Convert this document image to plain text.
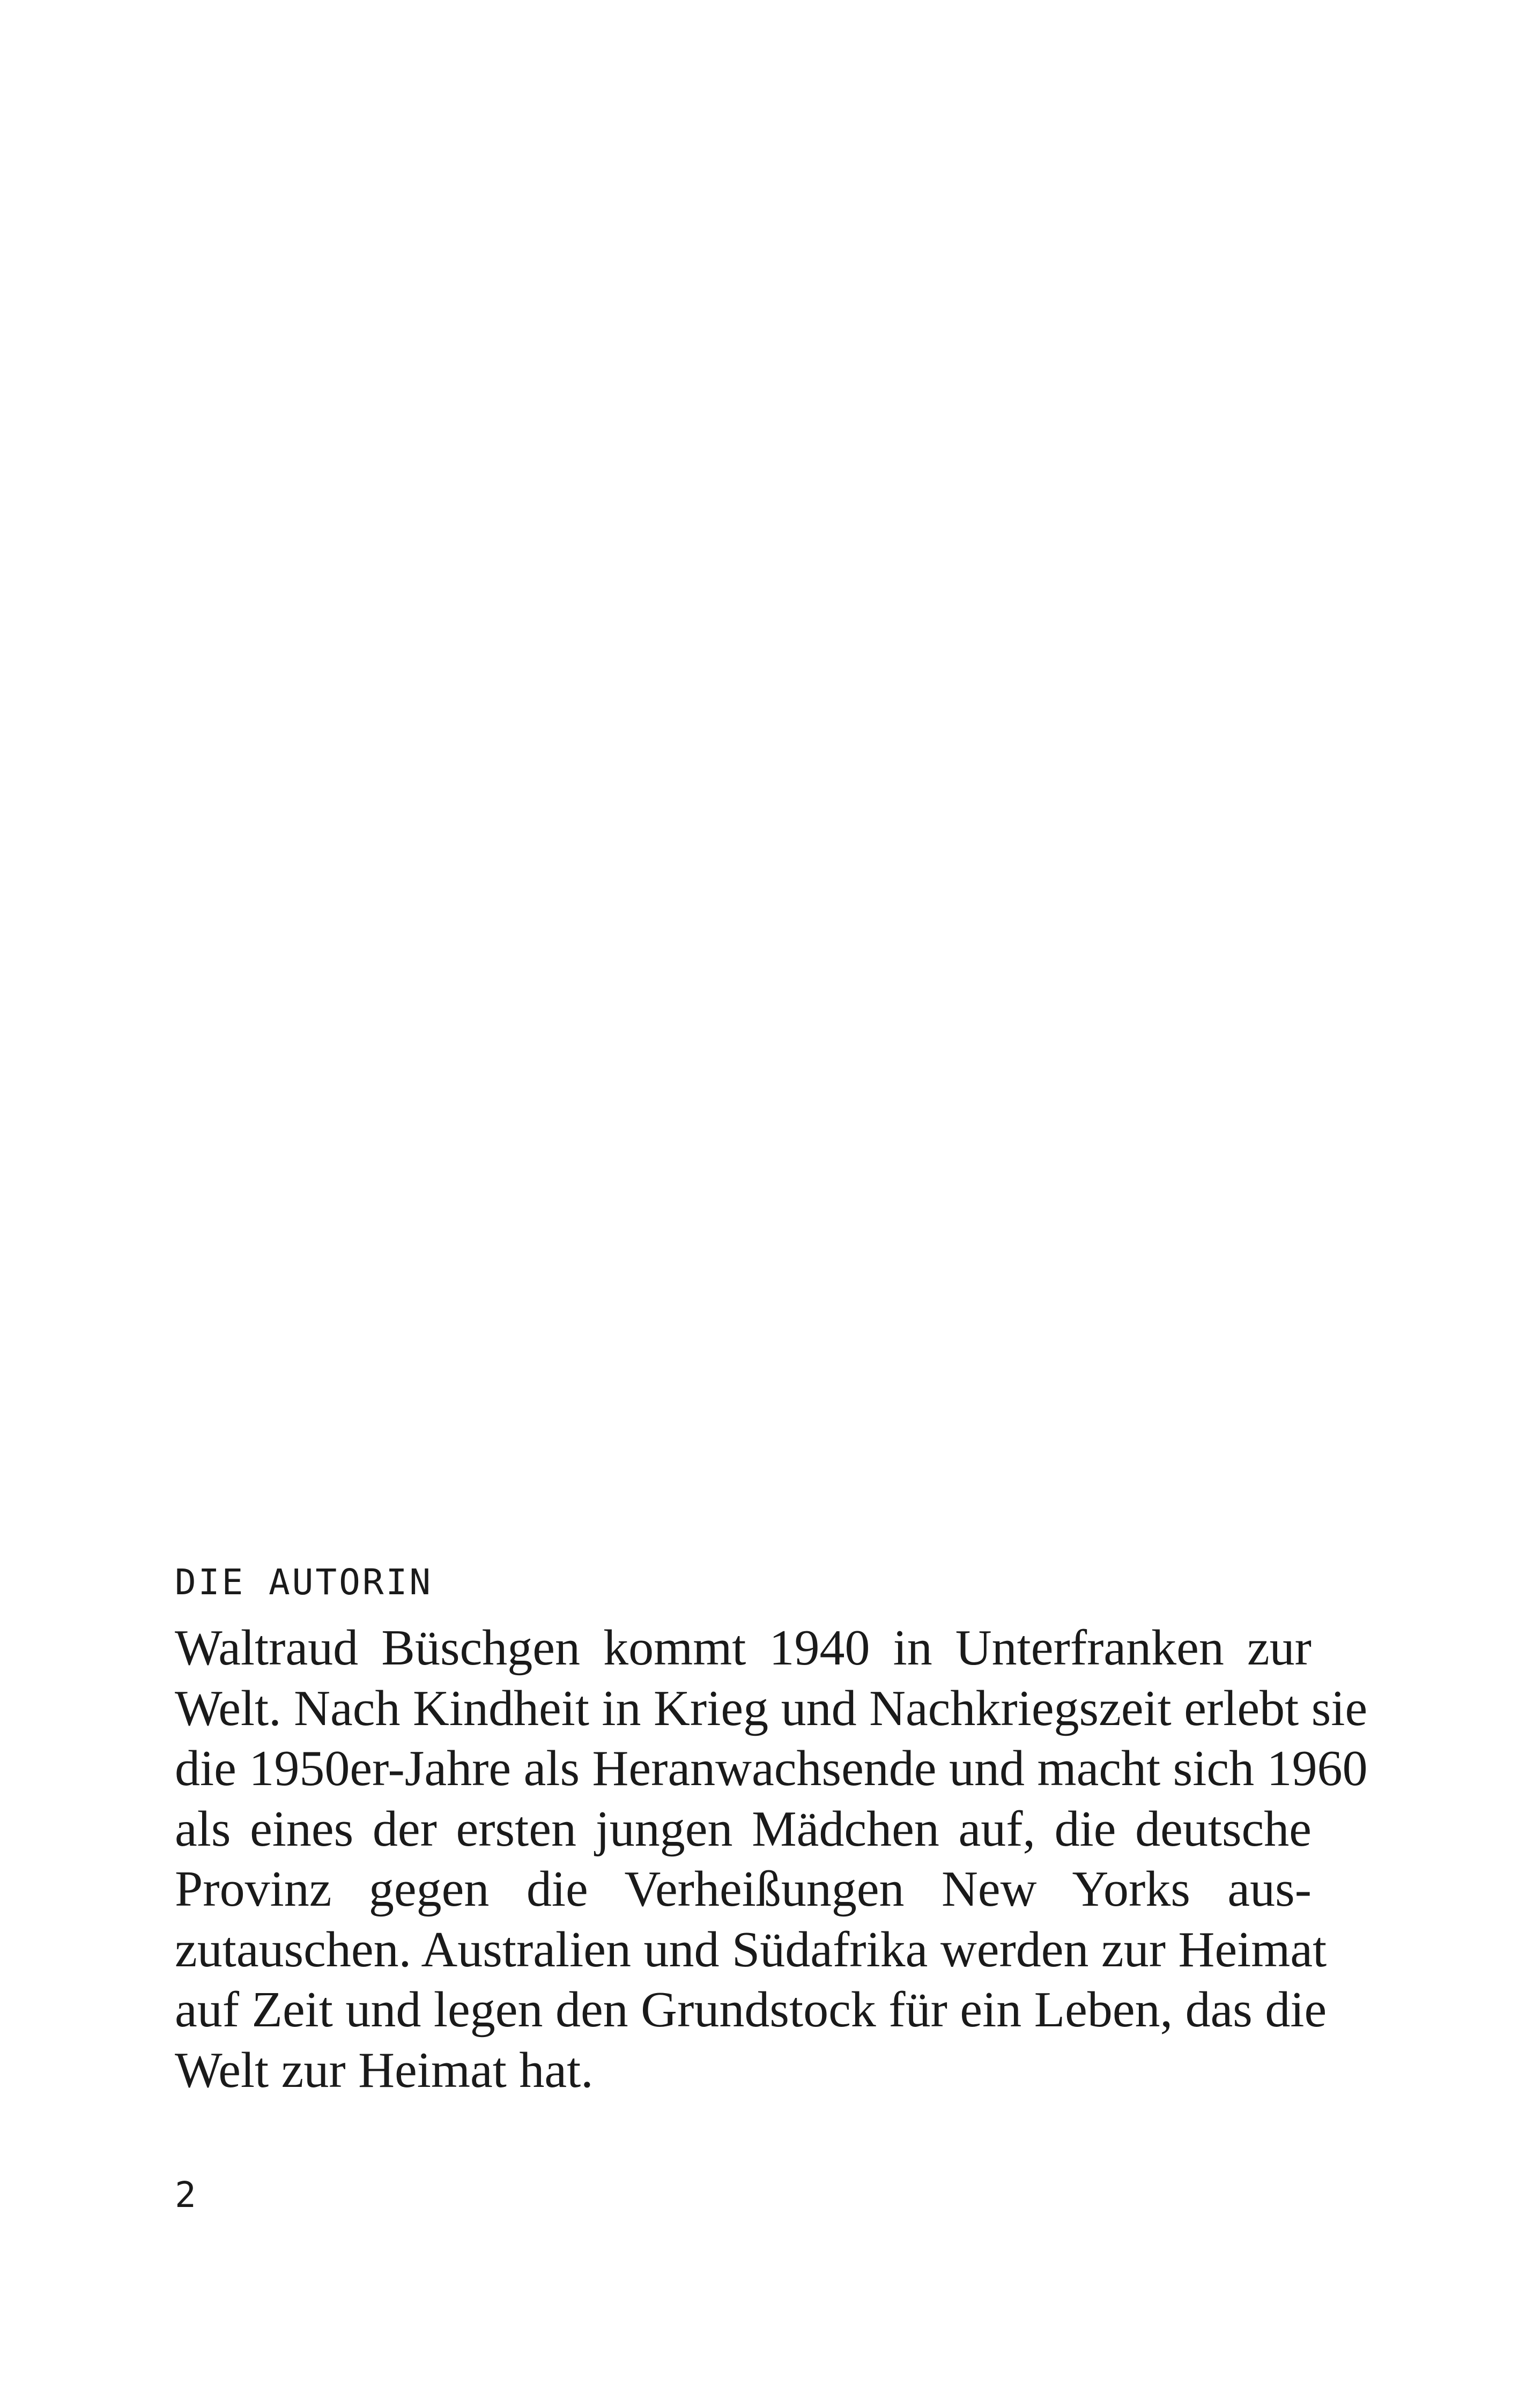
DIE AUTORIN
Waltraud Büschgen kommt 1940 in Unterfranken zur
Welt. Nach Kindheit in Krieg und Nachkriegszeit erlebt sie
die 1950er-Jahre als Heranwachsende und macht sich 1960
als eines der ersten jungen Mädchen auf, die deutsche
Provinz gegen die Verheißungen New Yorks aus-
zutauschen. Australien und Südafrika werden zur Heimat
auf Zeit und legen den Grundstock für ein Leben, das die
Welt zur Heimat hat.
2
